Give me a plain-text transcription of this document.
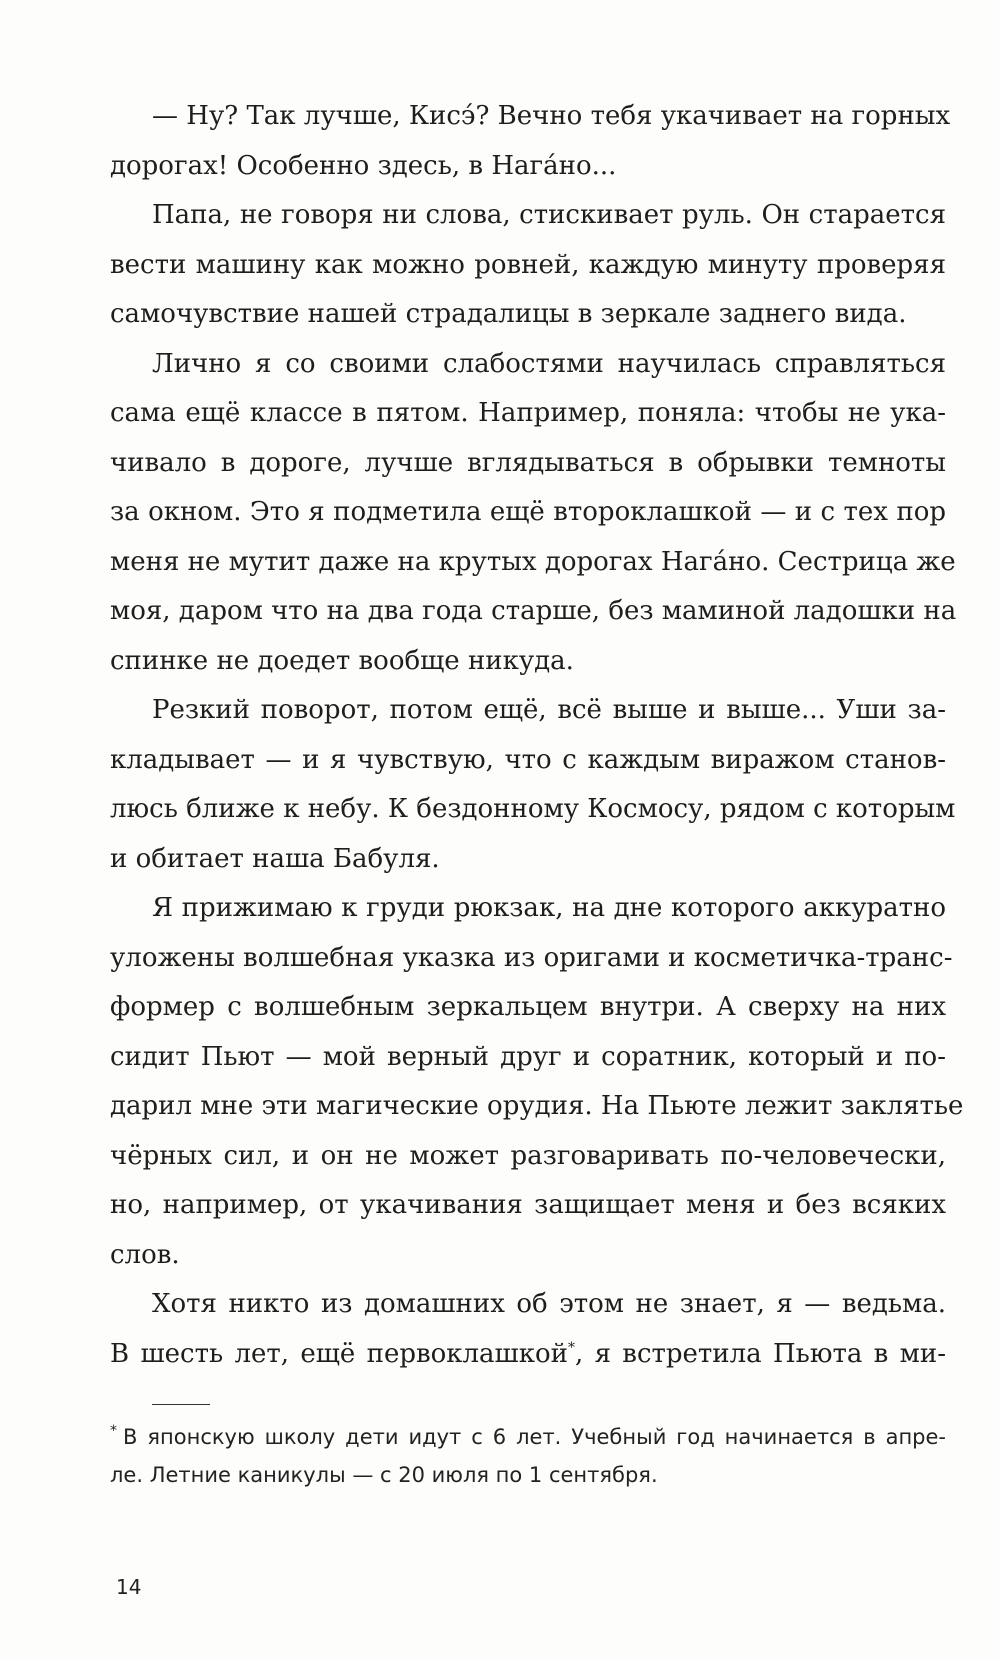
— Ну? Так лучше, Кисэ́? Вечно тебя укачивает на горных
дорогах! Особенно здесь, в Нага́но...
Папа, не говоря ни слова, стискивает руль. Он старается
вести машину как можно ровней, каждую минуту проверяя
самочувствие нашей страдалицы в зеркале заднего вида.
Лично я со своими слабостями научилась справляться
сама ещё классе в пятом. Например, поняла: чтобы не ука-
чивало в дороге, лучше вглядываться в обрывки темноты
за окном. Это я подметила ещё второклашкой — и с тех пор
меня не мутит даже на крутых дорогах Нага́но. Сестрица же
моя, даром что на два года старше, без маминой ладошки на
спинке не доедет вообще никуда.
Резкий поворот, потом ещё, всё выше и выше... Уши за-
кладывает — и я чувствую, что с каждым виражом станов-
люсь ближе к небу. К бездонному Космосу, рядом с которым
и обитает наша Бабуля.
Я прижимаю к груди рюкзак, на дне которого аккуратно
уложены волшебная указка из оригами и косметичка-транс-
формер с волшебным зеркальцем внутри. А сверху на них
сидит Пьют — мой верный друг и соратник, который и по-
дарил мне эти магические орудия. На Пьюте лежит заклятье
чёрных сил, и он не может разговаривать по-человечески,
но, например, от укачивания защищает меня и без всяких
слов.
Хотя никто из домашних об этом не знает, я — ведьма.
В шесть лет, ещё первоклашкой*, я встретила Пьюта в ми-
* В японскую школу дети идут с 6 лет. Учебный год начинается в апре-
ле. Летние каникулы — с 20 июля по 1 сентября.
14
